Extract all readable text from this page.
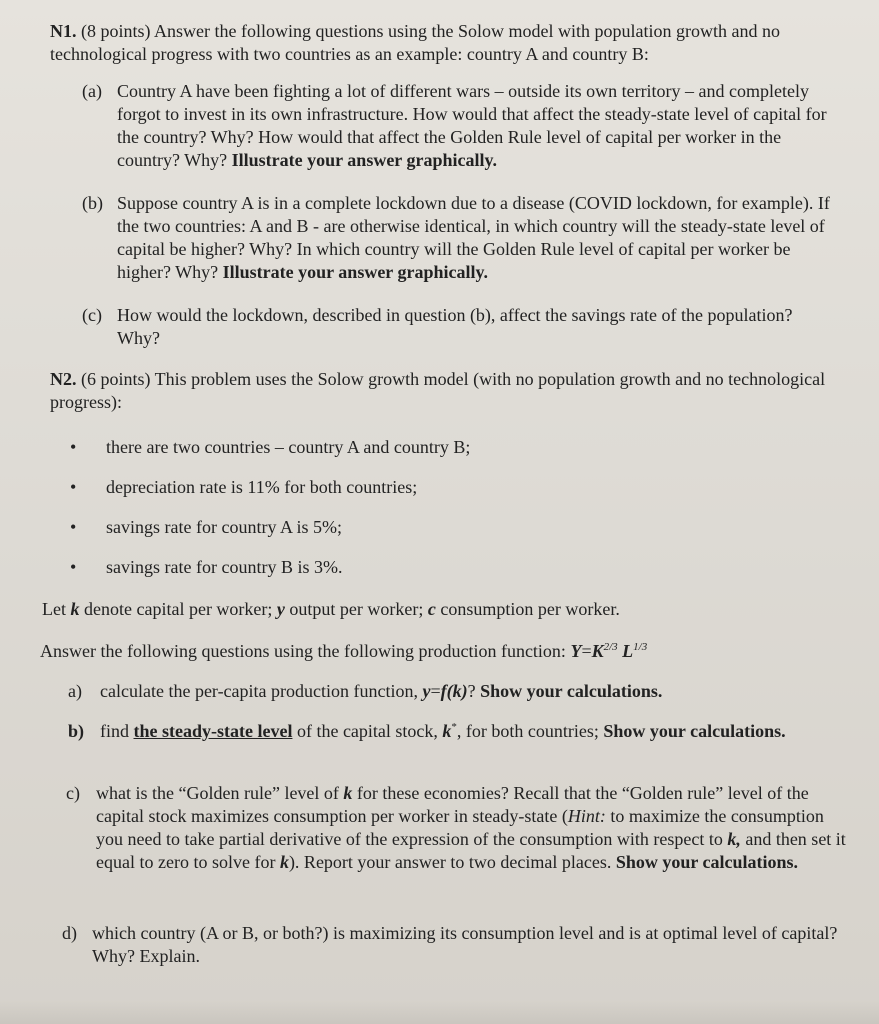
N1. (8 points) Answer the following questions using the Solow model with population growth and no technological progress with two countries as an example: country A and country B:
(a) Country A have been fighting a lot of different wars – outside its own territory – and completely forgot to invest in its own infrastructure. How would that affect the steady-state level of capital for the country? Why? How would that affect the Golden Rule level of capital per worker in the country? Why? Illustrate your answer graphically.
(b) Suppose country A is in a complete lockdown due to a disease (COVID lockdown, for example). If the two countries: A and B - are otherwise identical, in which country will the steady-state level of capital be higher? Why? In which country will the Golden Rule level of capital per worker be higher? Why? Illustrate your answer graphically.
(c) How would the lockdown, described in question (b), affect the savings rate of the population? Why?
N2. (6 points) This problem uses the Solow growth model (with no population growth and no technological progress):
• there are two countries – country A and country B;
• depreciation rate is 11% for both countries;
• savings rate for country A is 5%;
• savings rate for country B is 3%.
Let k denote capital per worker; y output per worker; c consumption per worker.
Answer the following questions using the following production function: $Y=K^{2/3}$ $L^{1/3}$
a) calculate the per-capita production function, y=f(k)? Show your calculations.
b) find the steady-state level of the capital stock, k*, for both countries; Show your calculations.
c) what is the “Golden rule” level of k for these economies? Recall that the “Golden rule” level of the capital stock maximizes consumption per worker in steady-state (Hint: to maximize the consumption you need to take partial derivative of the expression of the consumption with respect to k, and then set it equal to zero to solve for k). Report your answer to two decimal places. Show your calculations.
d) which country (A or B, or both?) is maximizing its consumption level and is at optimal level of capital? Why? Explain.
